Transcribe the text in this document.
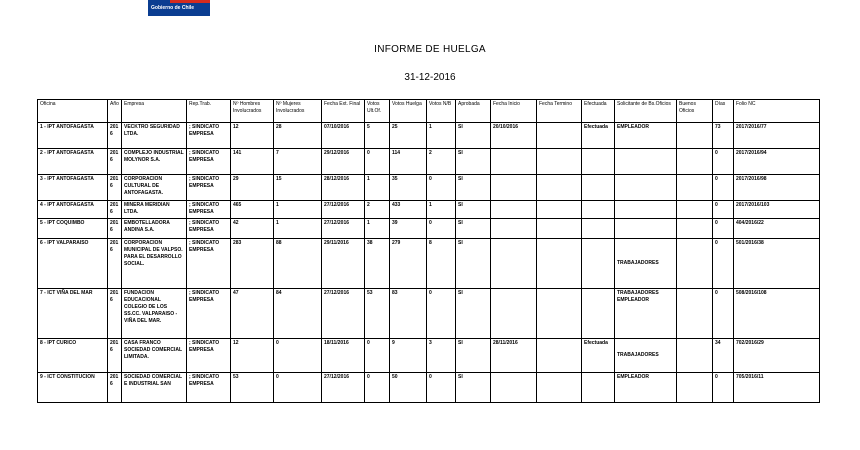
Gobierno de Chile
INFORME DE HUELGA
31-12-2016
Oficina	Año	Empresa	Rep.Trab.	Nº Hombres Involucrados	Nº Mujeres Involucrados	Fecha Ext. Final	Votos Ult.Of.	Votos Huelga	Votos N/B	Aprobada	Fecha Inicio	Fecha Termino	Efectuada	Solicitante de Bs.Oficios	Buenos Oficios	Días	Folio NC
1 - IPT ANTOFAGASTA	2016	VECKTRO SEGURIDAD LTDA.	; SINDICATO EMPRESA	12	28	07/10/2016	5	25	1	SI	20/10/2016		Efectuada	EMPLEADOR		73	2017/2016/77
2 - IPT ANTOFAGASTA	2016	COMPLEJO INDUSTRIAL MOLYNOR S.A.	; SINDICATO EMPRESA	141	7	29/12/2016	0	114	2	SI						0	2017/2016/94
3 - IPT ANTOFAGASTA	2016	CORPORACION CULTURAL DE ANTOFAGASTA.	; SINDICATO EMPRESA	29	15	28/12/2016	1	35	0	SI						0	2017/2016/98
4 - IPT ANTOFAGASTA	2016	MINERA MERIDIAN LTDA.	; SINDICATO EMPRESA	465	1	27/12/2016	2	433	1	SI						0	2017/2016/103
5 - IPT COQUIMBO	2016	EMBOTELLADORA ANDINA S.A.	; SINDICATO EMPRESA	42	1	27/12/2016	1	39	0	SI						0	404/2016/22
6 - IPT VALPARAISO	2016	CORPORACION MUNICIPAL DE VALPSO. PARA EL DESARROLLO SOCIAL.	; SINDICATO EMPRESA	283	88	29/11/2016	38	279	8	SI				TRABAJADORES		0	501/2016/38
7 - ICT VIÑA DEL MAR	2016	FUNDACION EDUCACIONAL COLEGIO DE LOS SS.CC. VALPARAISO - VIÑA DEL MAR.	; SINDICATO EMPRESA	47	84	27/12/2016	53	83	0	SI				TRABAJADORES EMPLEADOR		0	508/2016/108
8 - IPT CURICO	2016	CASA FRANCO SOCIEDAD COMERCIAL LIMITADA.	; SINDICATO EMPRESA	12	0	18/11/2016	0	9	3	SI	28/11/2016		Efectuada	TRABAJADORES		34	702/2016/29
9 - ICT CONSTITUCION	2016	SOCIEDAD COMERCIAL E INDUSTRIAL SAN	; SINDICATO EMPRESA	53	0	27/12/2016	0	50	0	SI				EMPLEADOR		0	705/2016/11
